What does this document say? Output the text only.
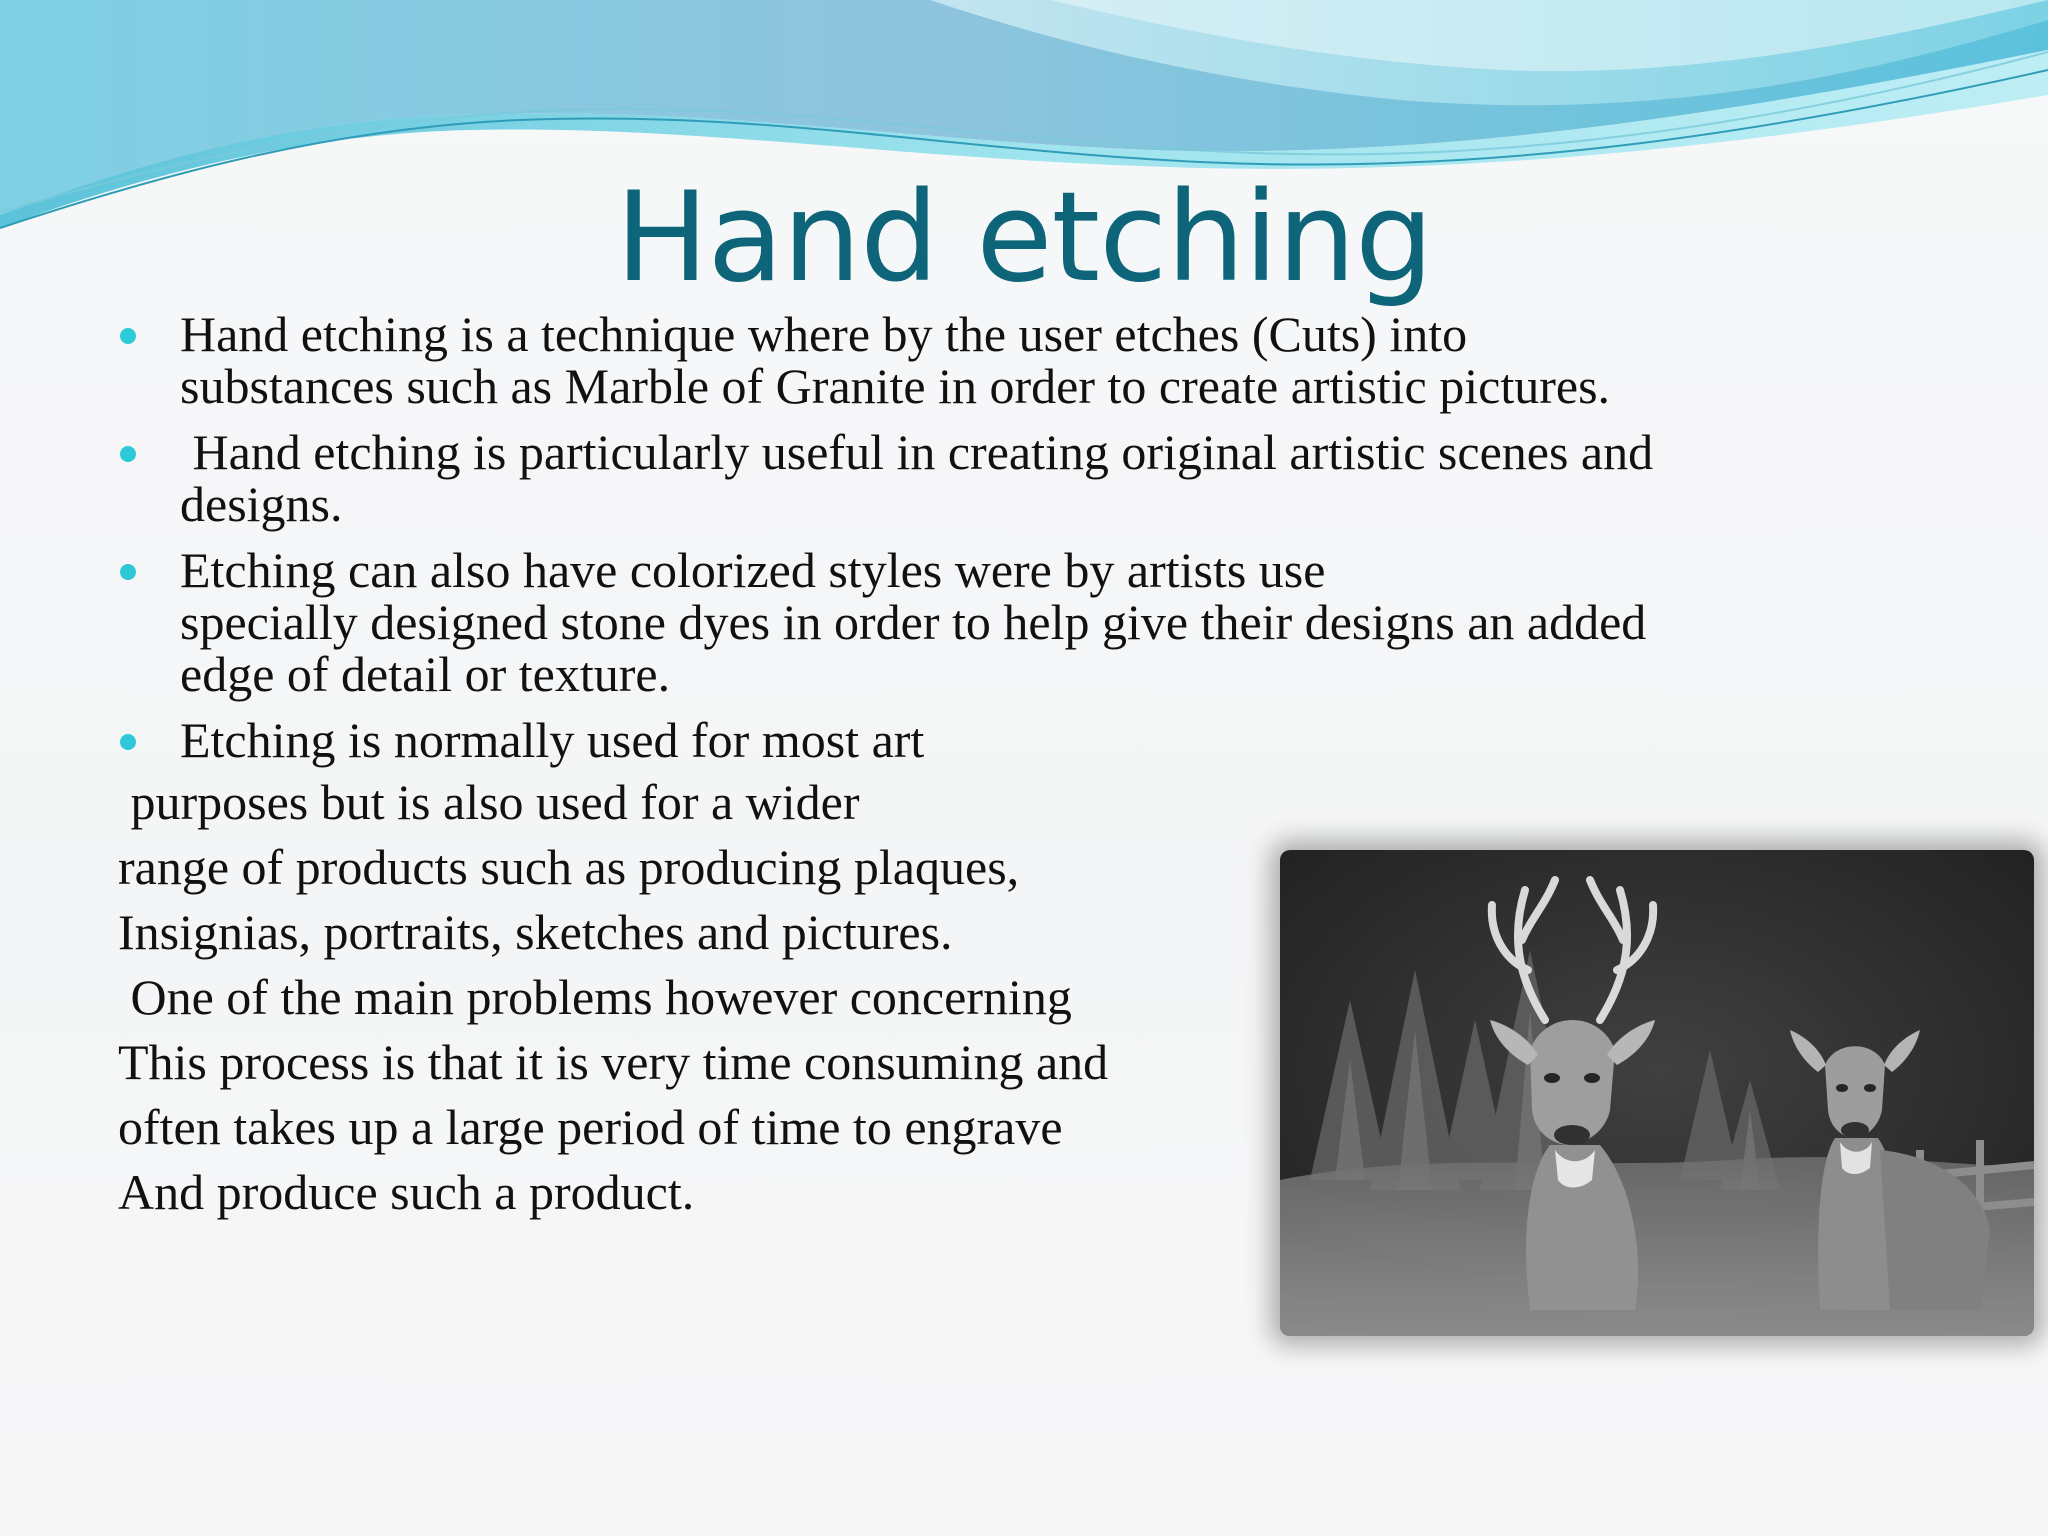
Hand etching
Hand etching is a technique where by the user etches (Cuts) into
substances such as Marble of Granite in order to create artistic pictures.
Hand etching is particularly useful in creating original artistic scenes and
designs.
Etching can also have colorized styles were by artists use
specially designed stone dyes in order to help give their designs an added
edge of detail or texture.
Etching is normally used for most art
purposes but is also used for a wider
range of products such as producing plaques,
Insignias, portraits, sketches and pictures.
One of the main problems however concerning
This process is that it is very time consuming and
often takes up a large period of time to engrave
And produce such a product.
